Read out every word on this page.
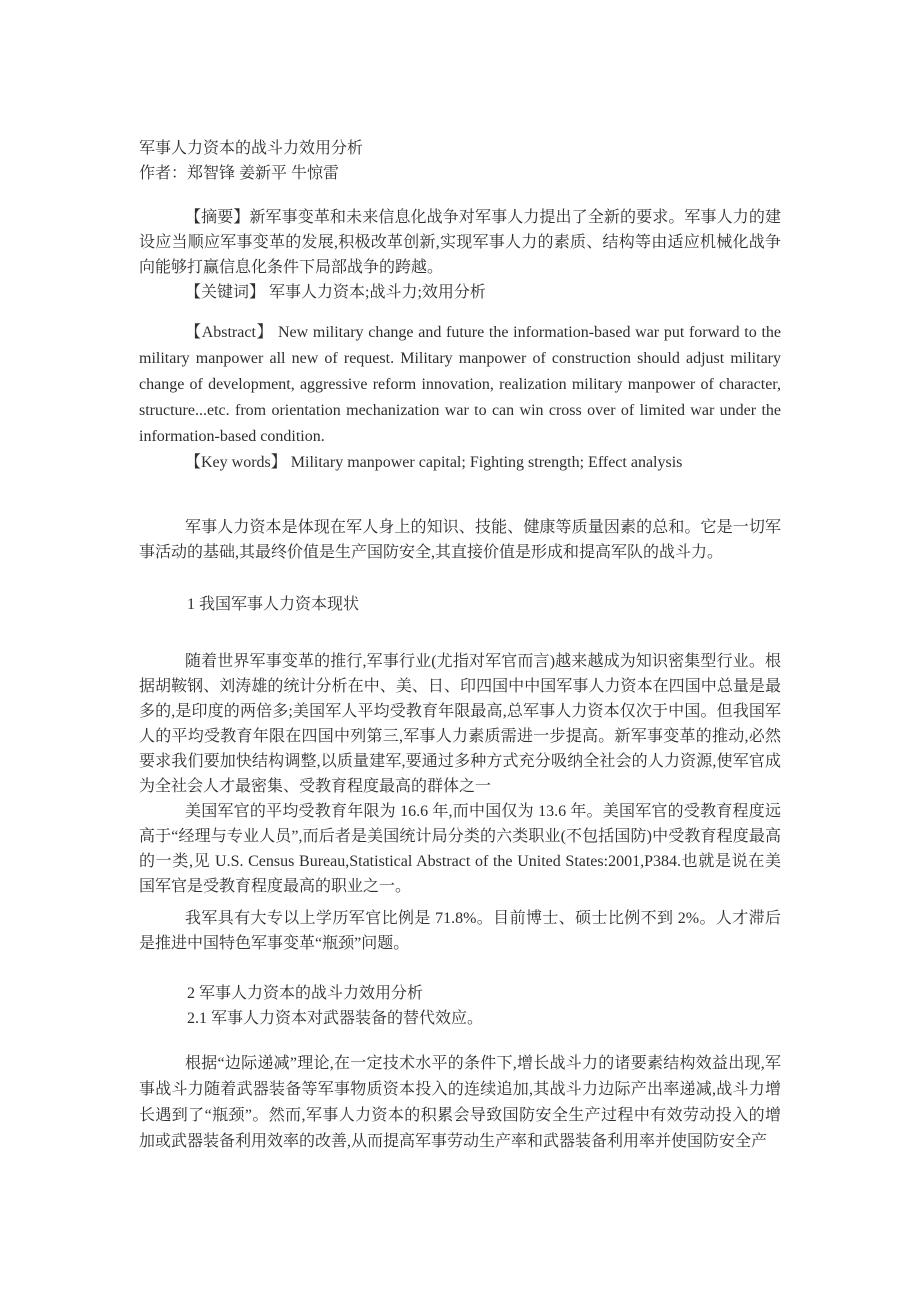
军事人力资本的战斗力效用分析
作者：郑智锋 姜新平 牛惊雷

【摘要】新军事变革和未来信息化战争对军事人力提出了全新的要求。军事人力的建设应当顺应军事变革的发展,积极改革创新,实现军事人力的素质、结构等由适应机械化战争向能够打赢信息化条件下局部战争的跨越。

【关键词】 军事人力资本;战斗力;效用分析

【Abstract】 New military change and future the information-based war put forward to the military manpower all new of request. Military manpower of construction should adjust military change of development, aggressive reform innovation, realization military manpower of character, structure...etc. from orientation mechanization war to can win cross over of limited war under the information-based condition.

【Key words】 Military manpower capital; Fighting strength; Effect analysis

军事人力资本是体现在军人身上的知识、技能、健康等质量因素的总和。它是一切军事活动的基础,其最终价值是生产国防安全,其直接价值是形成和提高军队的战斗力。

1 我国军事人力资本现状

随着世界军事变革的推行,军事行业(尤指对军官而言)越来越成为知识密集型行业。根据胡鞍钢、刘涛雄的统计分析在中、美、日、印四国中中国军事人力资本在四国中总量是最多的,是印度的两倍多;美国军人平均受教育年限最高,总军事人力资本仅次于中国。但我国军人的平均受教育年限在四国中列第三,军事人力素质需进一步提高。新军事变革的推动,必然要求我们要加快结构调整,以质量建军,要通过多种方式充分吸纳全社会的人力资源,使军官成为全社会人才最密集、受教育程度最高的群体之一

美国军官的平均受教育年限为 16.6 年,而中国仅为 13.6 年。美国军官的受教育程度远高于“经理与专业人员”,而后者是美国统计局分类的六类职业(不包括国防)中受教育程度最高的一类,见 U.S. Census Bureau,Statistical Abstract of the United States:2001,P384.也就是说在美国军官是受教育程度最高的职业之一。

我军具有大专以上学历军官比例是 71.8%。目前博士、硕士比例不到 2%。人才滞后是推进中国特色军事变革“瓶颈”问题。

2 军事人力资本的战斗力效用分析

2.1 军事人力资本对武器装备的替代效应。

根据“边际递减”理论,在一定技术水平的条件下,增长战斗力的诸要素结构效益出现,军事战斗力随着武器装备等军事物质资本投入的连续追加,其战斗力边际产出率递减,战斗力增长遇到了“瓶颈”。然而,军事人力资本的积累会导致国防安全生产过程中有效劳动投入的增加或武器装备利用效率的改善,从而提高军事劳动生产率和武器装备利用率并使国防安全产
